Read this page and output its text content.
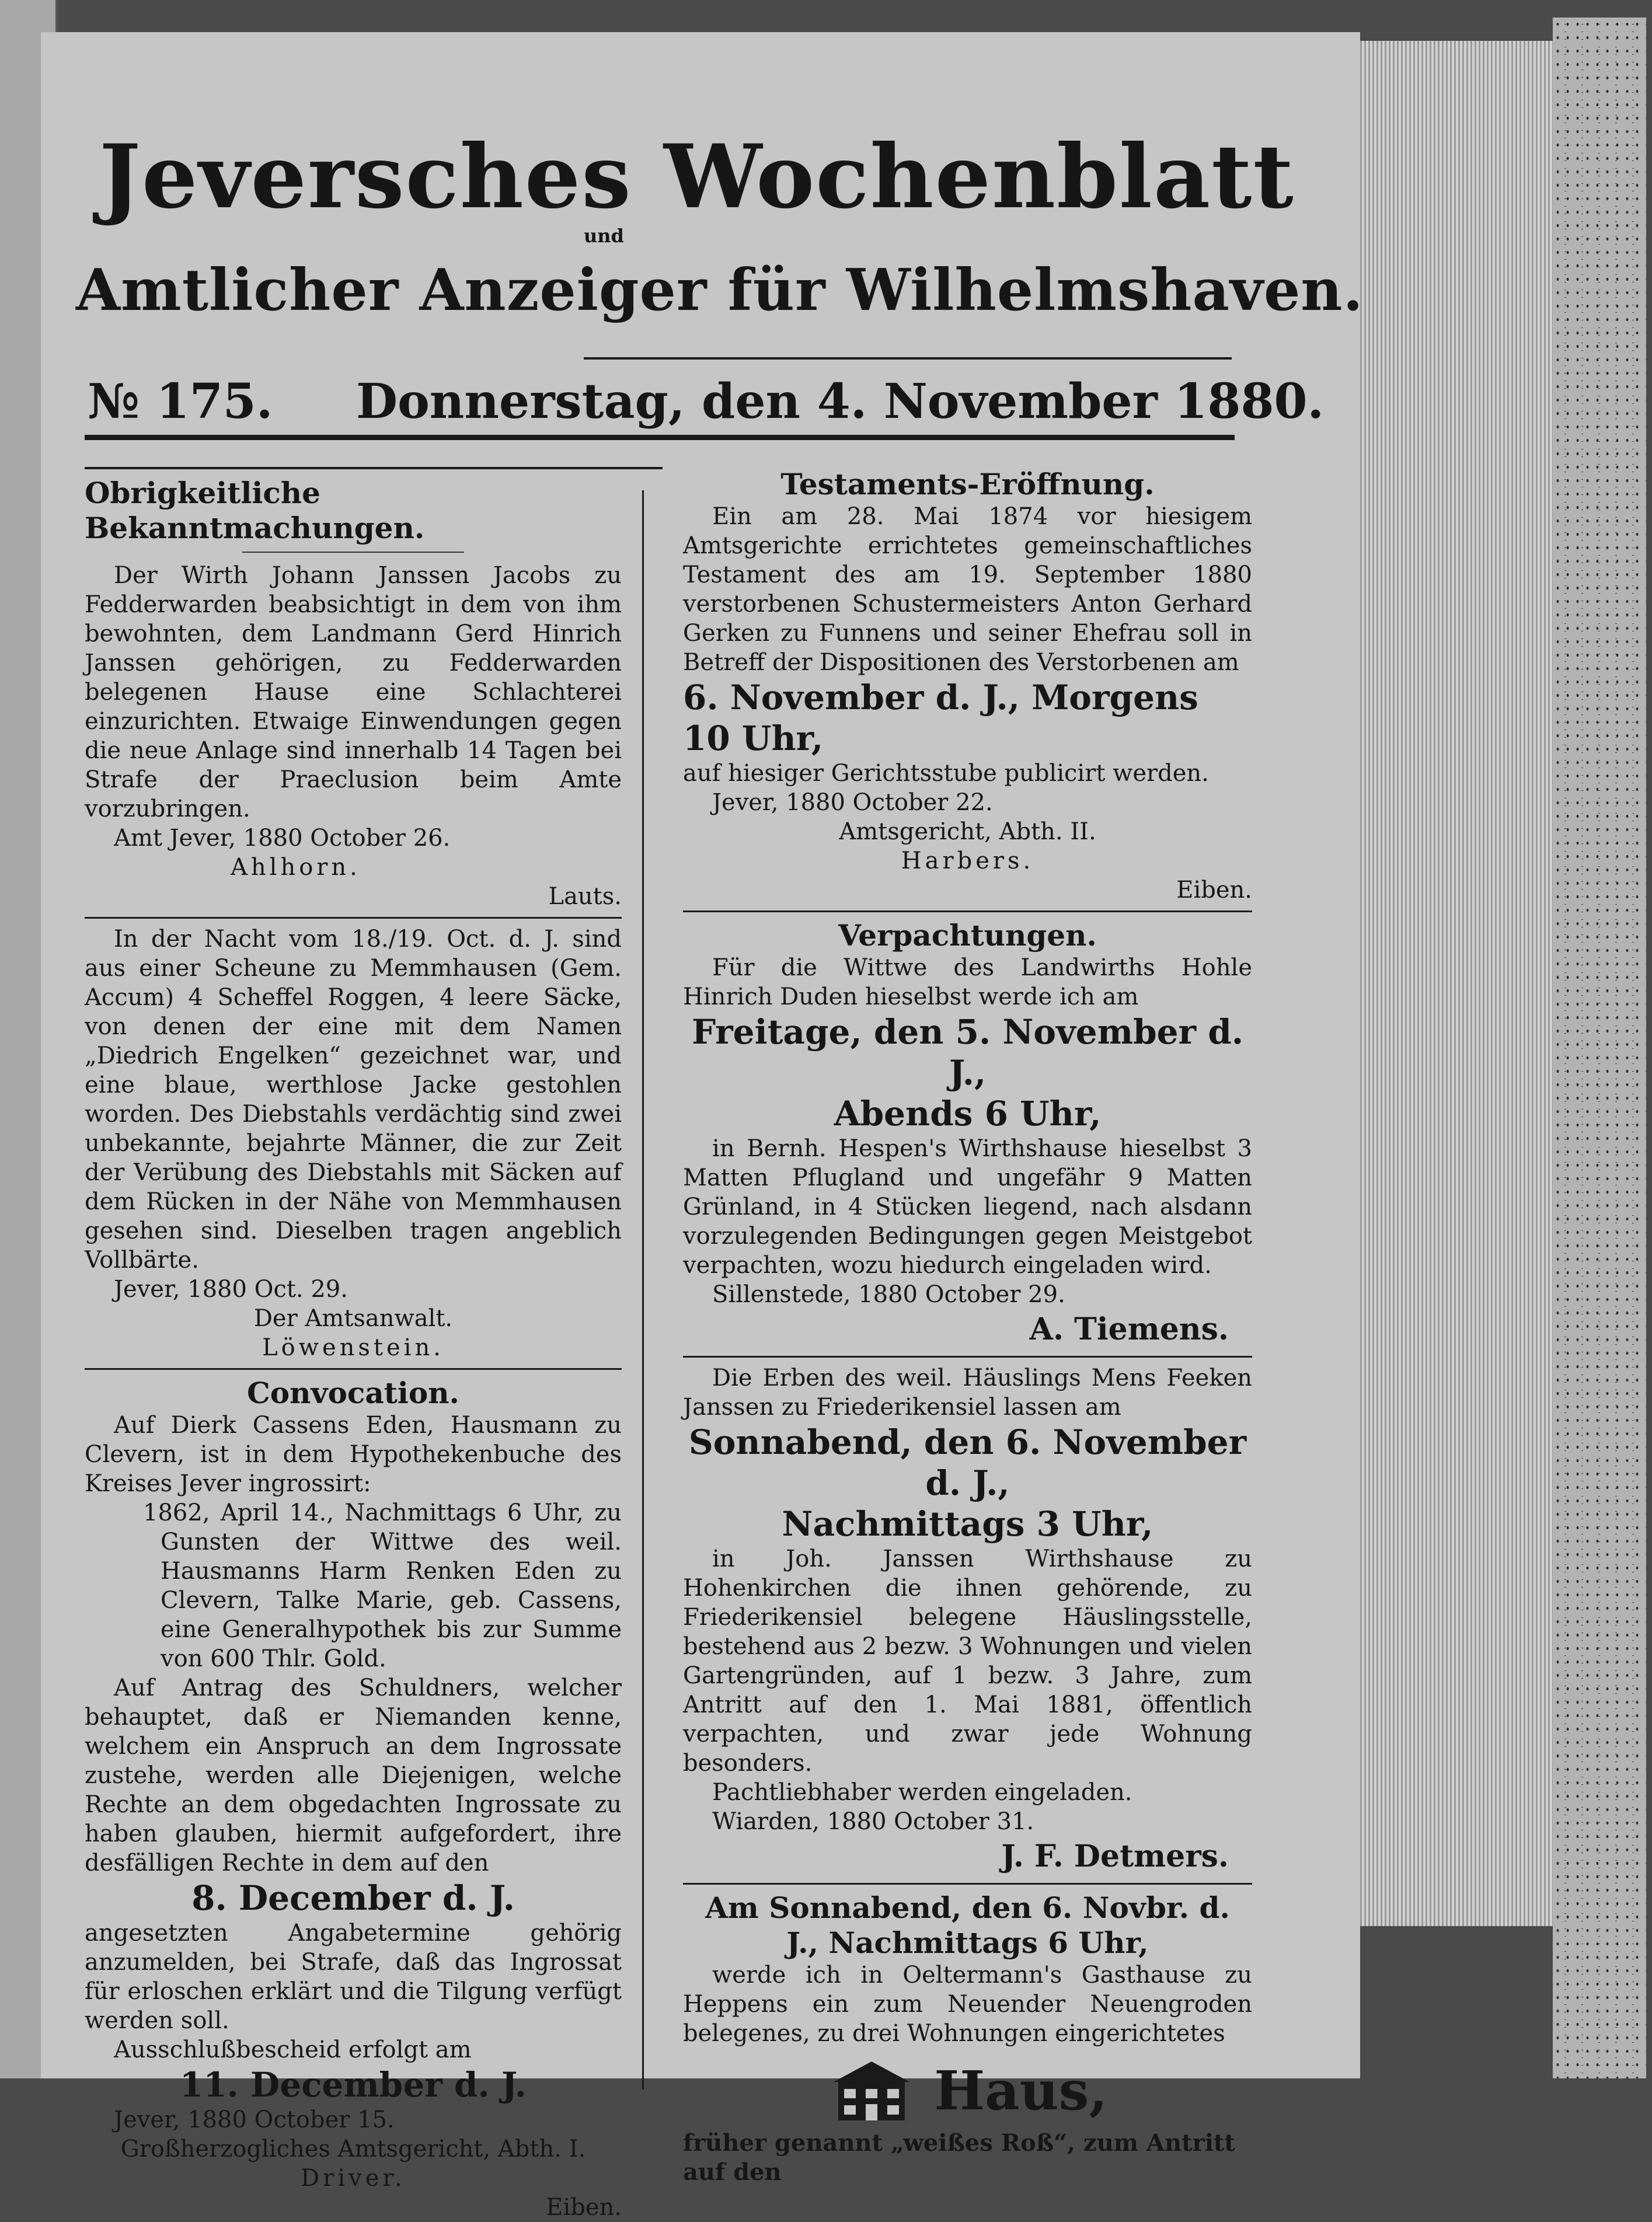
Jeversches Wochenblatt
und
Amtlicher Anzeiger für Wilhelmshaven.
№ 175. Donnerstag, den 4. November 1880.
Obrigkeitliche Bekanntmachungen.

Der Wirth Johann Janssen Jacobs zu Fedderwarden beabsichtigt in dem von ihm bewohnten, dem Landmann Gerd Hinrich Janssen gehörigen, zu Fedderwarden belegenen Hause eine Schlachterei einzurichten. Etwaige Einwendungen gegen die neue Anlage sind innerhalb 14 Tagen bei Strafe der Praeclusion beim Amte vorzubringen.

Amt Jever, 1880 October 26.

Ahlhorn.

Lauts.

In der Nacht vom 18./19. Oct. d. J. sind aus einer Scheune zu Memmhausen (Gem. Accum) 4 Scheffel Roggen, 4 leere Säcke, von denen der eine mit dem Namen „Diedrich Engelken“ gezeichnet war, und eine blaue, werthlose Jacke gestohlen worden. Des Diebstahls verdächtig sind zwei unbekannte, bejahrte Männer, die zur Zeit der Verübung des Diebstahls mit Säcken auf dem Rücken in der Nähe von Memmhausen gesehen sind. Dieselben tragen angeblich Vollbärte.

Jever, 1880 Oct. 29.

Der Amtsanwalt.

Löwenstein.

Convocation.

Auf Dierk Cassens Eden, Hausmann zu Clevern, ist in dem Hypothekenbuche des Kreises Jever ingrossirt:

1862, April 14., Nachmittags 6 Uhr, zu Gunsten der Wittwe des weil. Hausmanns Harm Renken Eden zu Clevern, Talke Marie, geb. Cassens, eine Generalhypothek bis zur Summe von 600 Thlr. Gold.

Auf Antrag des Schuldners, welcher behauptet, daß er Niemanden kenne, welchem ein Anspruch an dem Ingrossate zustehe, werden alle Diejenigen, welche Rechte an dem obgedachten Ingrossate zu haben glauben, hiermit aufgefordert, ihre desfälligen Rechte in dem auf den

8. December d. J.

angesetzten Angabetermine gehörig anzumelden, bei Strafe, daß das Ingrossat für erloschen erklärt und die Tilgung verfügt werden soll.

Ausschlußbescheid erfolgt am

11. December d. J.

Jever, 1880 October 15.

Großherzogliches Amtsgericht, Abth. I.

Driver.

Eiben.

Testaments-Eröffnung.

Ein am 28. Mai 1874 vor hiesigem Amtsgerichte errichtetes gemeinschaftliches Testament des am 19. September 1880 verstorbenen Schustermeisters Anton Gerhard Gerken zu Funnens und seiner Ehefrau soll in Betreff der Dispositionen des Verstorbenen am

6. November d. J., Morgens 10 Uhr,

auf hiesiger Gerichtsstube publicirt werden.

Jever, 1880 October 22.

Amtsgericht, Abth. II.

Harbers.

Eiben.

Verpachtungen.

Für die Wittwe des Landwirths Hohle Hinrich Duden hieselbst werde ich am

Freitage, den 5. November d. J.,
Abends 6 Uhr,

in Bernh. Hespen's Wirthshause hieselbst 3 Matten Pflugland und ungefähr 9 Matten Grünland, in 4 Stücken liegend, nach alsdann vorzulegenden Bedingungen gegen Meistgebot verpachten, wozu hiedurch eingeladen wird.

Sillenstede, 1880 October 29.

A. Tiemens.

Die Erben des weil. Häuslings Mens Feeken Janssen zu Friederikensiel lassen am

Sonnabend, den 6. November d. J.,
Nachmittags 3 Uhr,

in Joh. Janssen Wirthshause zu Hohenkirchen die ihnen gehörende, zu Friederikensiel belegene Häuslingsstelle, bestehend aus 2 bezw. 3 Wohnungen und vielen Gartengründen, auf 1 bezw. 3 Jahre, zum Antritt auf den 1. Mai 1881, öffentlich verpachten, und zwar jede Wohnung besonders.

Pachtliebhaber werden eingeladen.

Wiarden, 1880 October 31.

J. F. Detmers.
Am Sonnabend, den 6. Novbr. d.
J., Nachmittags 6 Uhr,

werde ich in Oeltermann's Gasthause zu Heppens ein zum Neuender Neuengroden belegenes, zu drei Wohnungen eingerichtetes

Haus,

früher genannt „weißes Roß“, zum Antritt auf den
